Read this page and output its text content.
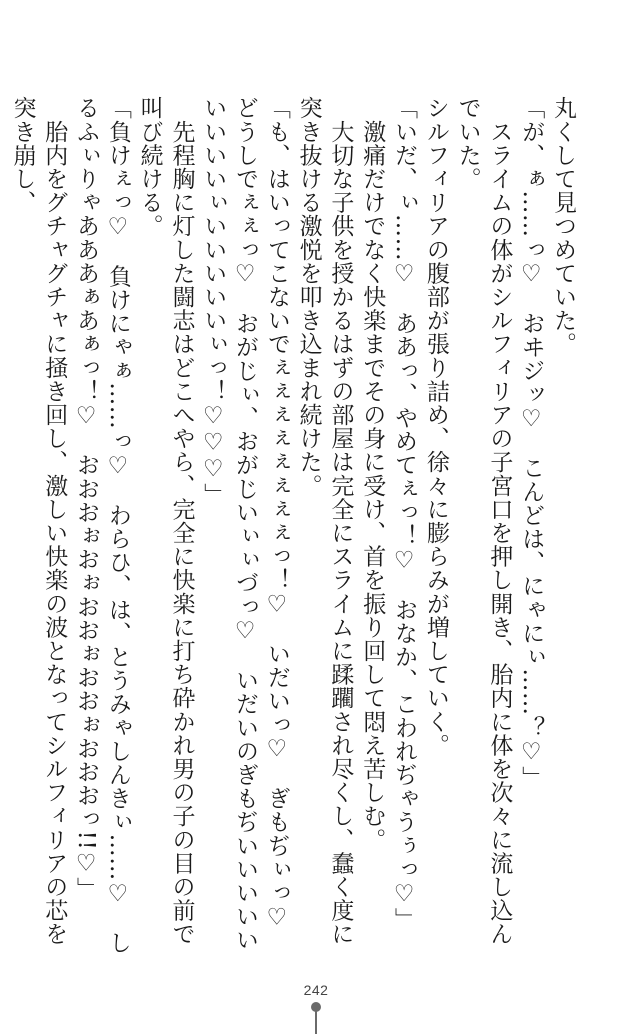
丸くして見つめていた。

「が、ぁ……っ♡　おヰジッ♡　こんどは、にゃにぃ……？♡」

　スライムの体がシルフィリアの子宮口を押し開き、胎内に体を次々に流し込んでいた。

シルフィリアの腹部が張り詰め、徐々に膨らみが増していく。

「いだ、ぃ……♡　ああっ、やめてぇっ！♡　おなか、こわれぢゃうぅっ♡」

　激痛だけでなく快楽までその身に受け、首を振り回して悶え苦しむ。

　大切な子供を授かるはずの部屋は完全にスライムに蹂躙され尽くし、蠢く度に突き抜ける激悦を叩き込まれ続けた。

「も、はいってこないでぇぇぇぇぇぇぇぇっ！♡　いだいっ♡　ぎもぢぃっ♡　どうしでぇぇっ♡　おがじぃ、おがじいぃぃづっ♡　いだいのぎもぢいいいいいいいいいぃいいいいいぃっ！♡♡♡」

　先程胸に灯した闘志はどこへやら、完全に快楽に打ち砕かれ男の子の目の前で叫び続ける。

「負けぇっ♡　負けにゃぁ……っ♡　わらひ、は、とうみゃしんきぃ……♡　しるふぃりゃあああぁあぁっ！♡　おおおぉおぉおおぉおおぉおおおっ!!♡」

　胎内をグチャグチャに掻き回し、激しい快楽の波となってシルフィリアの芯を突き崩し、

242
